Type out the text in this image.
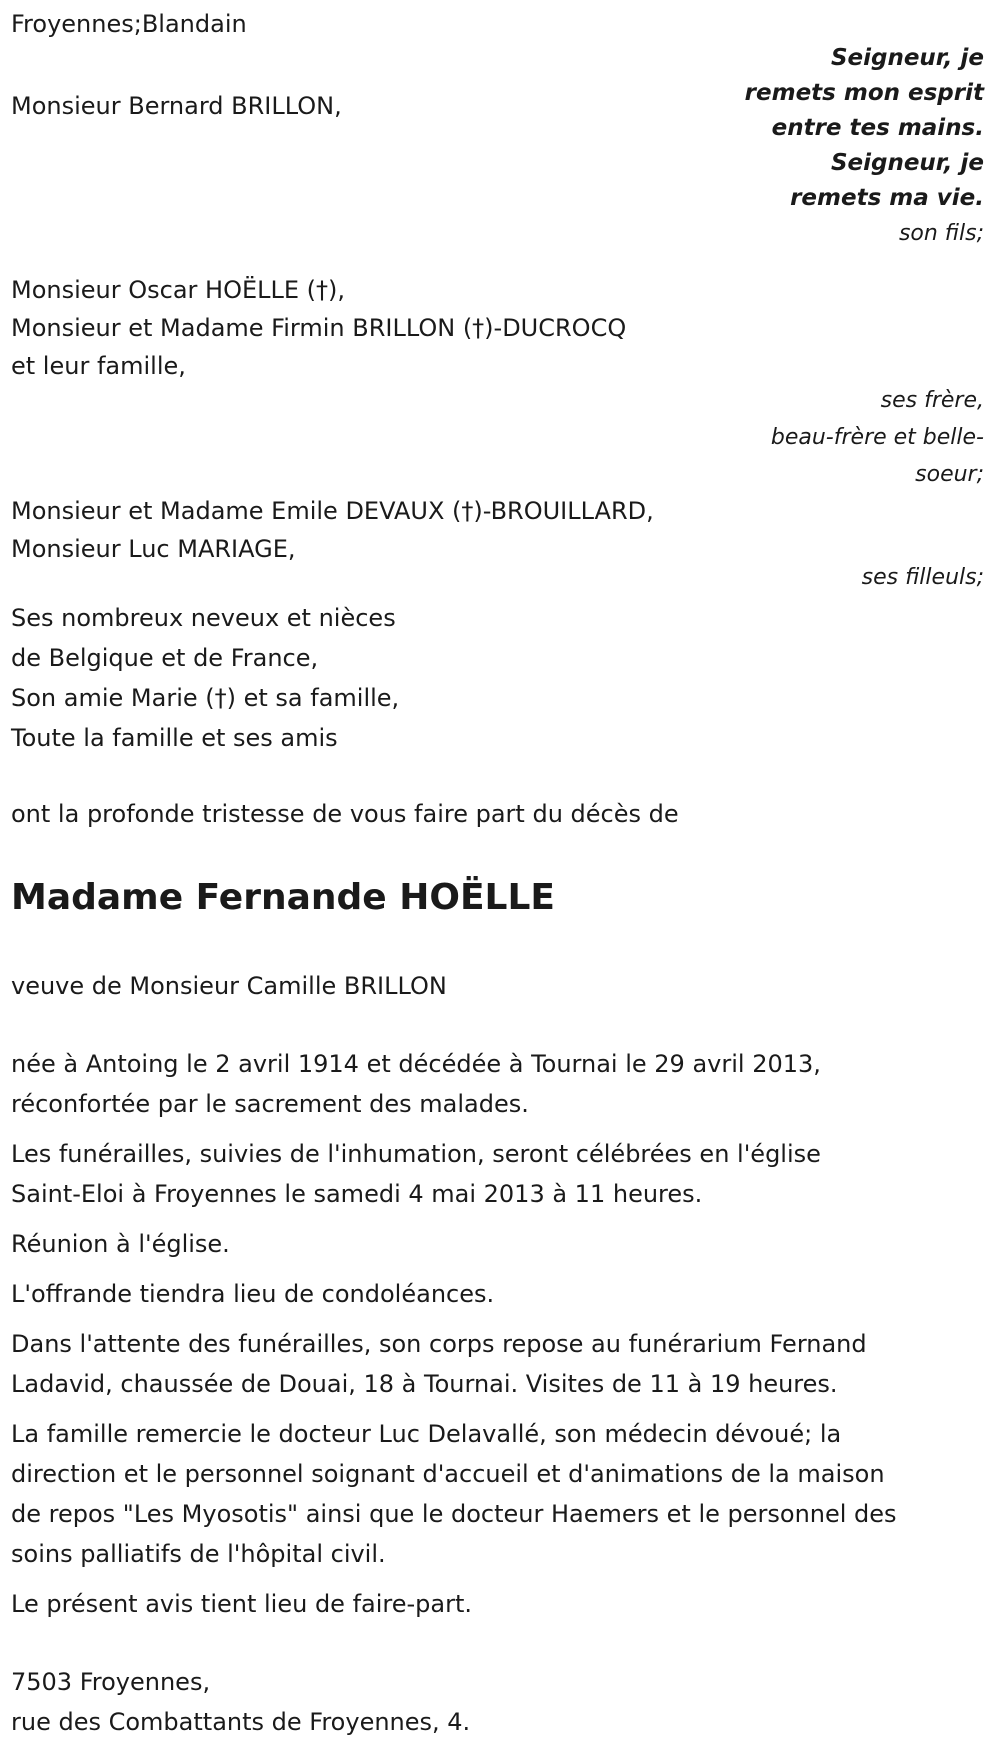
Froyennes;Blandain
Seigneur, je
remets mon esprit
entre tes mains.
Seigneur, je
remets ma vie.
Monsieur Bernard BRILLON,
son fils;
Monsieur Oscar HOËLLE (†),
Monsieur et Madame Firmin BRILLON (†)-DUCROCQ
et leur famille,
ses frère,
beau-frère et belle-
soeur;
Monsieur et Madame Emile DEVAUX (†)-BROUILLARD,
Monsieur Luc MARIAGE,
ses filleuls;
Ses nombreux neveux et nièces
de Belgique et de France,
Son amie Marie (†) et sa famille,
Toute la famille et ses amis
ont la profonde tristesse de vous faire part du décès de
Madame Fernande HOËLLE
veuve de Monsieur Camille BRILLON
née à Antoing le 2 avril 1914 et décédée à Tournai le 29 avril 2013,
réconfortée par le sacrement des malades.
Les funérailles, suivies de l'inhumation, seront célébrées en l'église
Saint-Eloi à Froyennes le samedi 4 mai 2013 à 11 heures.
Réunion à l'église.
L'offrande tiendra lieu de condoléances.
Dans l'attente des funérailles, son corps repose au funérarium Fernand
Ladavid, chaussée de Douai, 18 à Tournai. Visites de 11 à 19 heures.
La famille remercie le docteur Luc Delavallé, son médecin dévoué; la
direction et le personnel soignant d'accueil et d'animations de la maison
de repos "Les Myosotis" ainsi que le docteur Haemers et le personnel des
soins palliatifs de l'hôpital civil.
Le présent avis tient lieu de faire-part.
7503 Froyennes,
rue des Combattants de Froyennes, 4.
